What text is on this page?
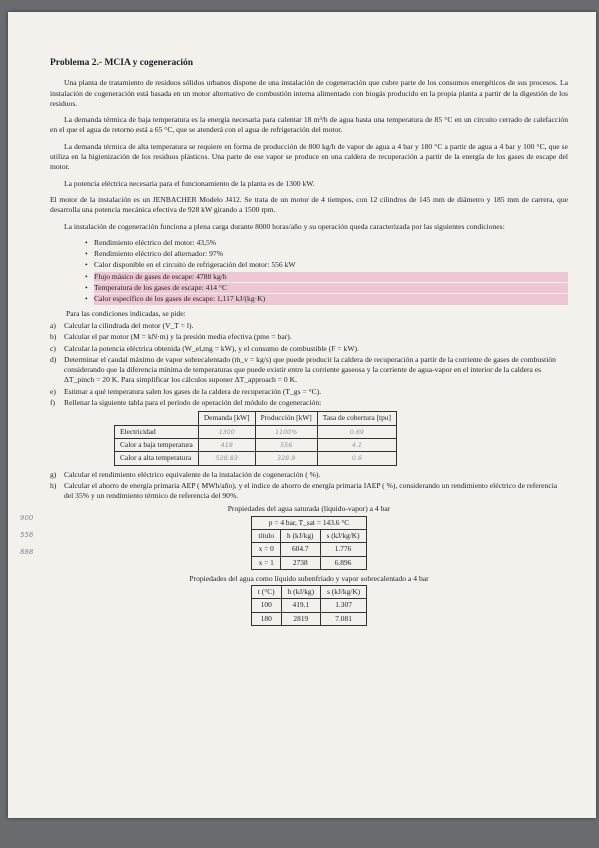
Problema 2.- MCIA y cogeneración

Una planta de tratamiento de residuos sólidos urbanos dispone de una instalación de cogeneración que cubre parte de los consumos energéticos de sus procesos. La instalación de cogeneración está basada en un motor alternativo de combustión interna alimentado con biogás producido en la propia planta a partir de la digestión de los residuos.

La demanda térmica de baja temperatura es la energía necesaria para calentar 18 m³/h de agua hasta una temperatura de 85 °C en un circuito cerrado de calefacción en el que el agua de retorno está a 65 °C, que se atenderá con el agua de refrigeración del motor.

La demanda térmica de alta temperatura se requiere en forma de producción de 800 kg/h de vapor de agua a 4 bar y 180 °C a partir de agua a 4 bar y 100 °C, que se utiliza en la higienización de los residuos plásticos. Una parte de ese vapor se produce en una caldera de recuperación a partir de la energía de los gases de escape del motor.

La potencia eléctrica necesaria para el funcionamiento de la planta es de 1300 kW.

El motor de la instalación es un JENBACHER Modelo J412. Se trata de un motor de 4 tiempos, con 12 cilindros de 145 mm de diámetro y 185 mm de carrera, que desarrolla una potencia mecánica efectiva de 928 kW girando a 1500 rpm.

La instalación de cogeneración funciona a plena carga durante 8000 horas/año y su operación queda caracterizada por las siguientes condiciones:

• Rendimiento eléctrico del motor: 43,5%
• Rendimiento eléctrico del alternador: 97%
• Calor disponible en el circuito de refrigeración del motor: 556 kW
• Flujo másico de gases de escape: 4788 kg/h
• Temperatura de los gases de escape: 414 °C
• Calor específico de los gases de escape: 1,117 kJ/(kg·K)

Para las condiciones indicadas, se pide:

a) Calcular la cilindrada del motor (V_T = l).
b) Calcular el par motor (M = kN·m) y la presión media efectiva (pme = bar).
c) Calcular la potencia eléctrica obtenida (W_el,mg = kW), y el consumo de combustible (F = kW).
d) Determinar el caudal máximo de vapor sobrecalentado (ṁ_v = kg/s) que puede producir la caldera de recuperación a partir de la corriente de gases de combustión considerando que la diferencia mínima de temperaturas que puede existir entre la corriente gaseosa y la corriente de agua-vapor en el interior de la caldera es ΔT_pinch = 20 K. Para simplificar los cálculos suponer ΔT_approach = 0 K.
e) Estimar a qué temperatura salen los gases de la caldera de recuperación (T_gs = °C).
f) Rellenar la siguiente tabla para el período de operación del módulo de cogeneración:
	Demanda [kW]	Producción [kW]	Tasa de cobertura [tpu]
Electricidad	1300	1100%	0.69
Calor a baja temperatura	418	556	4.1
Calor a alta temperatura	528.83	328.9	0.6
g) Calcular el rendimiento eléctrico equivalente de la instalación de cogeneración ( %).
h) Calcular el ahorro de energía primaria AEP ( MWh/año), y el índice de ahorro de energía primaria IAEP ( %), considerando un rendimiento eléctrico de referencia del 35% y un rendimiento térmico de referencia del 90%.
Propiedades del agua saturada (líquido-vapor) a 4 bar
p = 4 bar, T_sat = 143.6 °C		
título	h (kJ/kg)	s (kJ/kg/K)
x = 0	604.7	1.776
x = 1	2738	6.896
Propiedades del agua como líquido subenfriado y vapor sobrecalentado a 4 bar
t (°C)	h (kJ/kg)	s (kJ/kg/K)
100	419.1	1.307
180	2819	7.081
900
556
888
